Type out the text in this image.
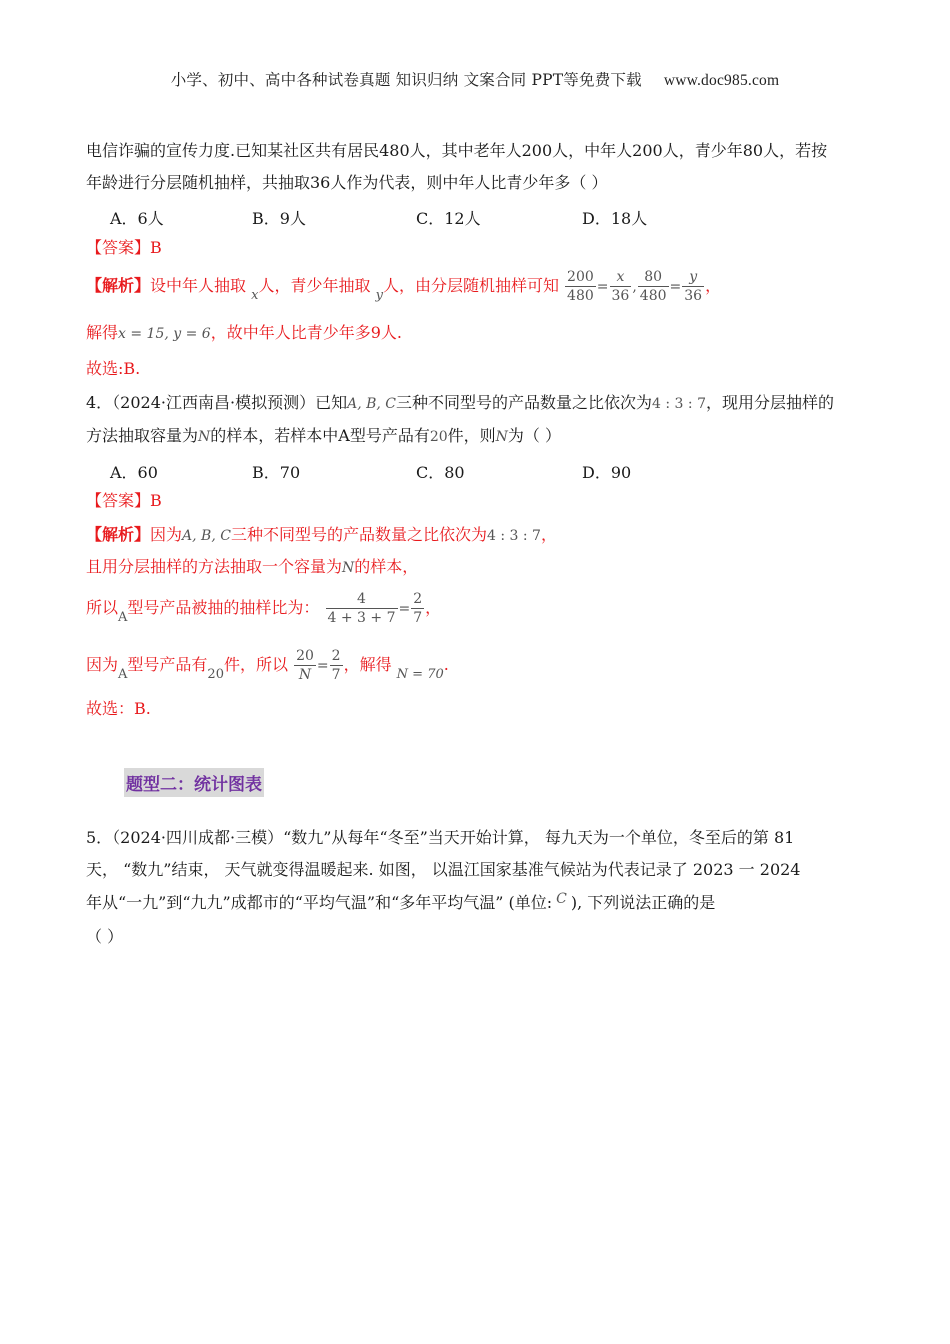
小学、初中、高中各种试卷真题 知识归纳 文案合同 PPT等免费下载 www.doc985.com
电信诈骗的宣传力度.已知某社区共有居民480人，其中老年人200人，中年人200人，青少年80人，若按
年龄进行分层随机抽样，共抽取36人作为代表，则中年人比青少年多（ ）
A．6人	B．9人	C．12人	D．18人
【答案】B
【解析】设中年人抽取 $_x$人，青少年抽取 $_y$人，由分层随机抽样可知 $\frac{200}{480} = \frac{x}{36}$ , $\frac{80}{480} = \frac{y}{36}$ ，
解得x = 15, y = 6，故中年人比青少年多9人.
故选:B.
4．（2024·江西南昌·模拟预测）已知A, B, C三种不同型号的产品数量之比依次为4 : 3 : 7，现用分层抽样的
方法抽取容量为N的样本，若样本中A型号产品有20件，则N为（ ）
A．60	B．70	C．80	D．90
【答案】B
【解析】因为A, B, C三种不同型号的产品数量之比依次为4 : 3 : 7，
且用分层抽样的方法抽取一个容量为N的样本，
所以$_A$型号产品被抽的抽样比为： $\frac{4}{4 + 3 + 7} = \frac{2}{7}$ ，
因为$_A$型号产品有$_{20}$件，所以 $\frac{20}{N} = \frac{2}{7}$ ，解得 $_{N = 70}$.
故选：B.
题型二：统计图表
5．（2024·四川成都·三模）“数九”从每年“冬至”当天开始计算， 每九天为一个单位，冬至后的第 81
天， “数九”结束， 天气就变得温暖起来. 如图， 以温江国家基准气候站为代表记录了 2023 一 2024
年从“一九”到“九九”成都市的“平均气温”和“多年平均气温” (单位: C ), 下列说法正确的是
（ ）
